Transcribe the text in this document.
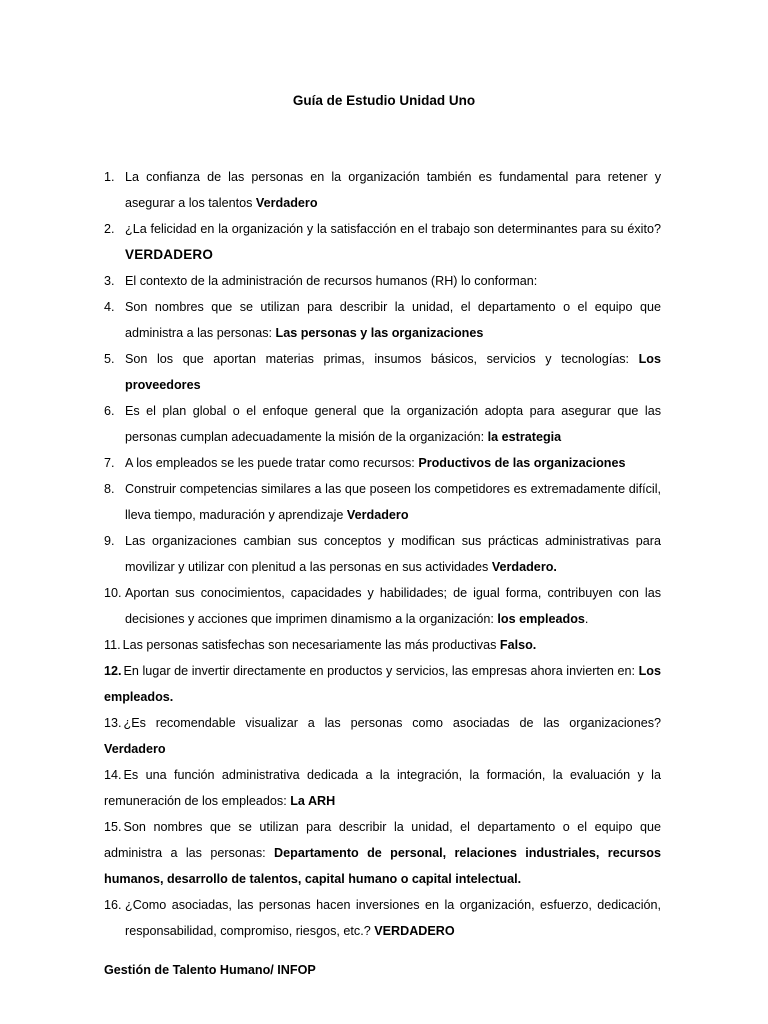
Guía de Estudio Unidad Uno
1. La confianza de las personas en la organización también es fundamental para retener y asegurar a los talentos Verdadero
2. ¿La felicidad en la organización y la satisfacción en el trabajo son determinantes para su éxito? VERDADERO
3. El contexto de la administración de recursos humanos (RH) lo conforman:
4. Son nombres que se utilizan para describir la unidad, el departamento o el equipo que administra a las personas: Las personas y las organizaciones
5. Son los que aportan materias primas, insumos básicos, servicios y tecnologías: Los proveedores
6. Es el plan global o el enfoque general que la organización adopta para asegurar que las personas cumplan adecuadamente la misión de la organización: la estrategia
7. A los empleados se les puede tratar como recursos: Productivos de las organizaciones
8. Construir competencias similares a las que poseen los competidores es extremadamente difícil, lleva tiempo, maduración y aprendizaje Verdadero
9. Las organizaciones cambian sus conceptos y modifican sus prácticas administrativas para movilizar y utilizar con plenitud a las personas en sus actividades Verdadero.
10. Aportan sus conocimientos, capacidades y habilidades; de igual forma, contribuyen con las decisiones y acciones que imprimen dinamismo a la organización: los empleados.
11. Las personas satisfechas son necesariamente las más productivas Falso.
12. En lugar de invertir directamente en productos y servicios, las empresas ahora invierten en: Los empleados.
13. ¿Es recomendable visualizar a las personas como asociadas de las organizaciones? Verdadero
14. Es una función administrativa dedicada a la integración, la formación, la evaluación y la remuneración de los empleados: La ARH
15. Son nombres que se utilizan para describir la unidad, el departamento o el equipo que administra a las personas: Departamento de personal, relaciones industriales, recursos humanos, desarrollo de talentos, capital humano o capital intelectual.
16. ¿Como asociadas, las personas hacen inversiones en la organización, esfuerzo, dedicación, responsabilidad, compromiso, riesgos, etc.? VERDADERO
Gestión de Talento Humano/ INFOP
